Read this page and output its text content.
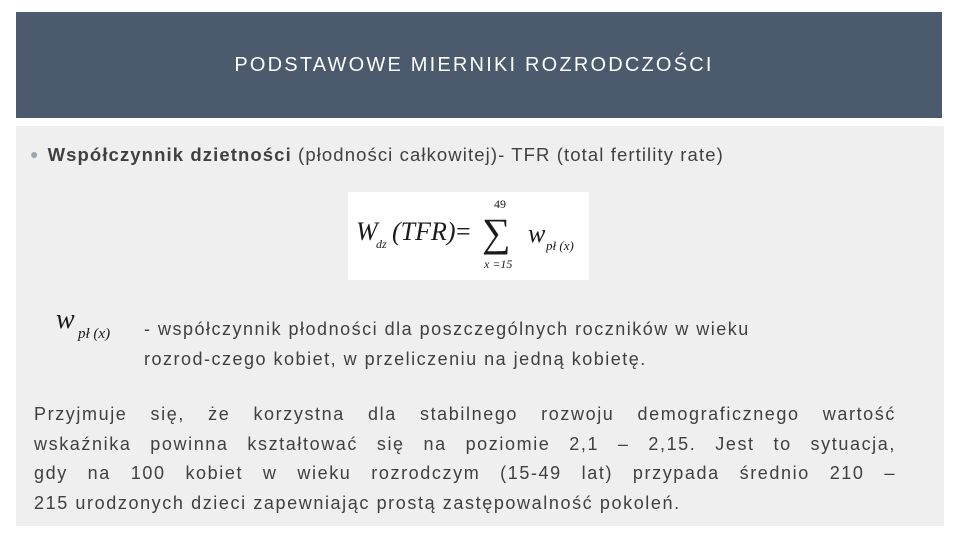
PODSTAWOWE MIERNIKI ROZRODCZOŚCI
● Współczynnik dzietności (płodności całkowitej)- TFR (total fertility rate)
W
dz (TFR) =
49
∑
x =15
w pł (x)
w pł (x) - współczynnik płodności dla poszczególnych roczników w wieku
rozrod-czego kobiet, w przeliczeniu na jedną kobietę.
Przyjmuje się, że korzystna dla stabilnego rozwoju demograficznego wartość
wskaźnika powinna kształtować się na poziomie 2,1 – 2,15. Jest to sytuacja,
gdy na 100 kobiet w wieku rozrodczym (15-49 lat) przypada średnio 210 –
215 urodzonych dzieci zapewniając prostą zastępowalność pokoleń.
